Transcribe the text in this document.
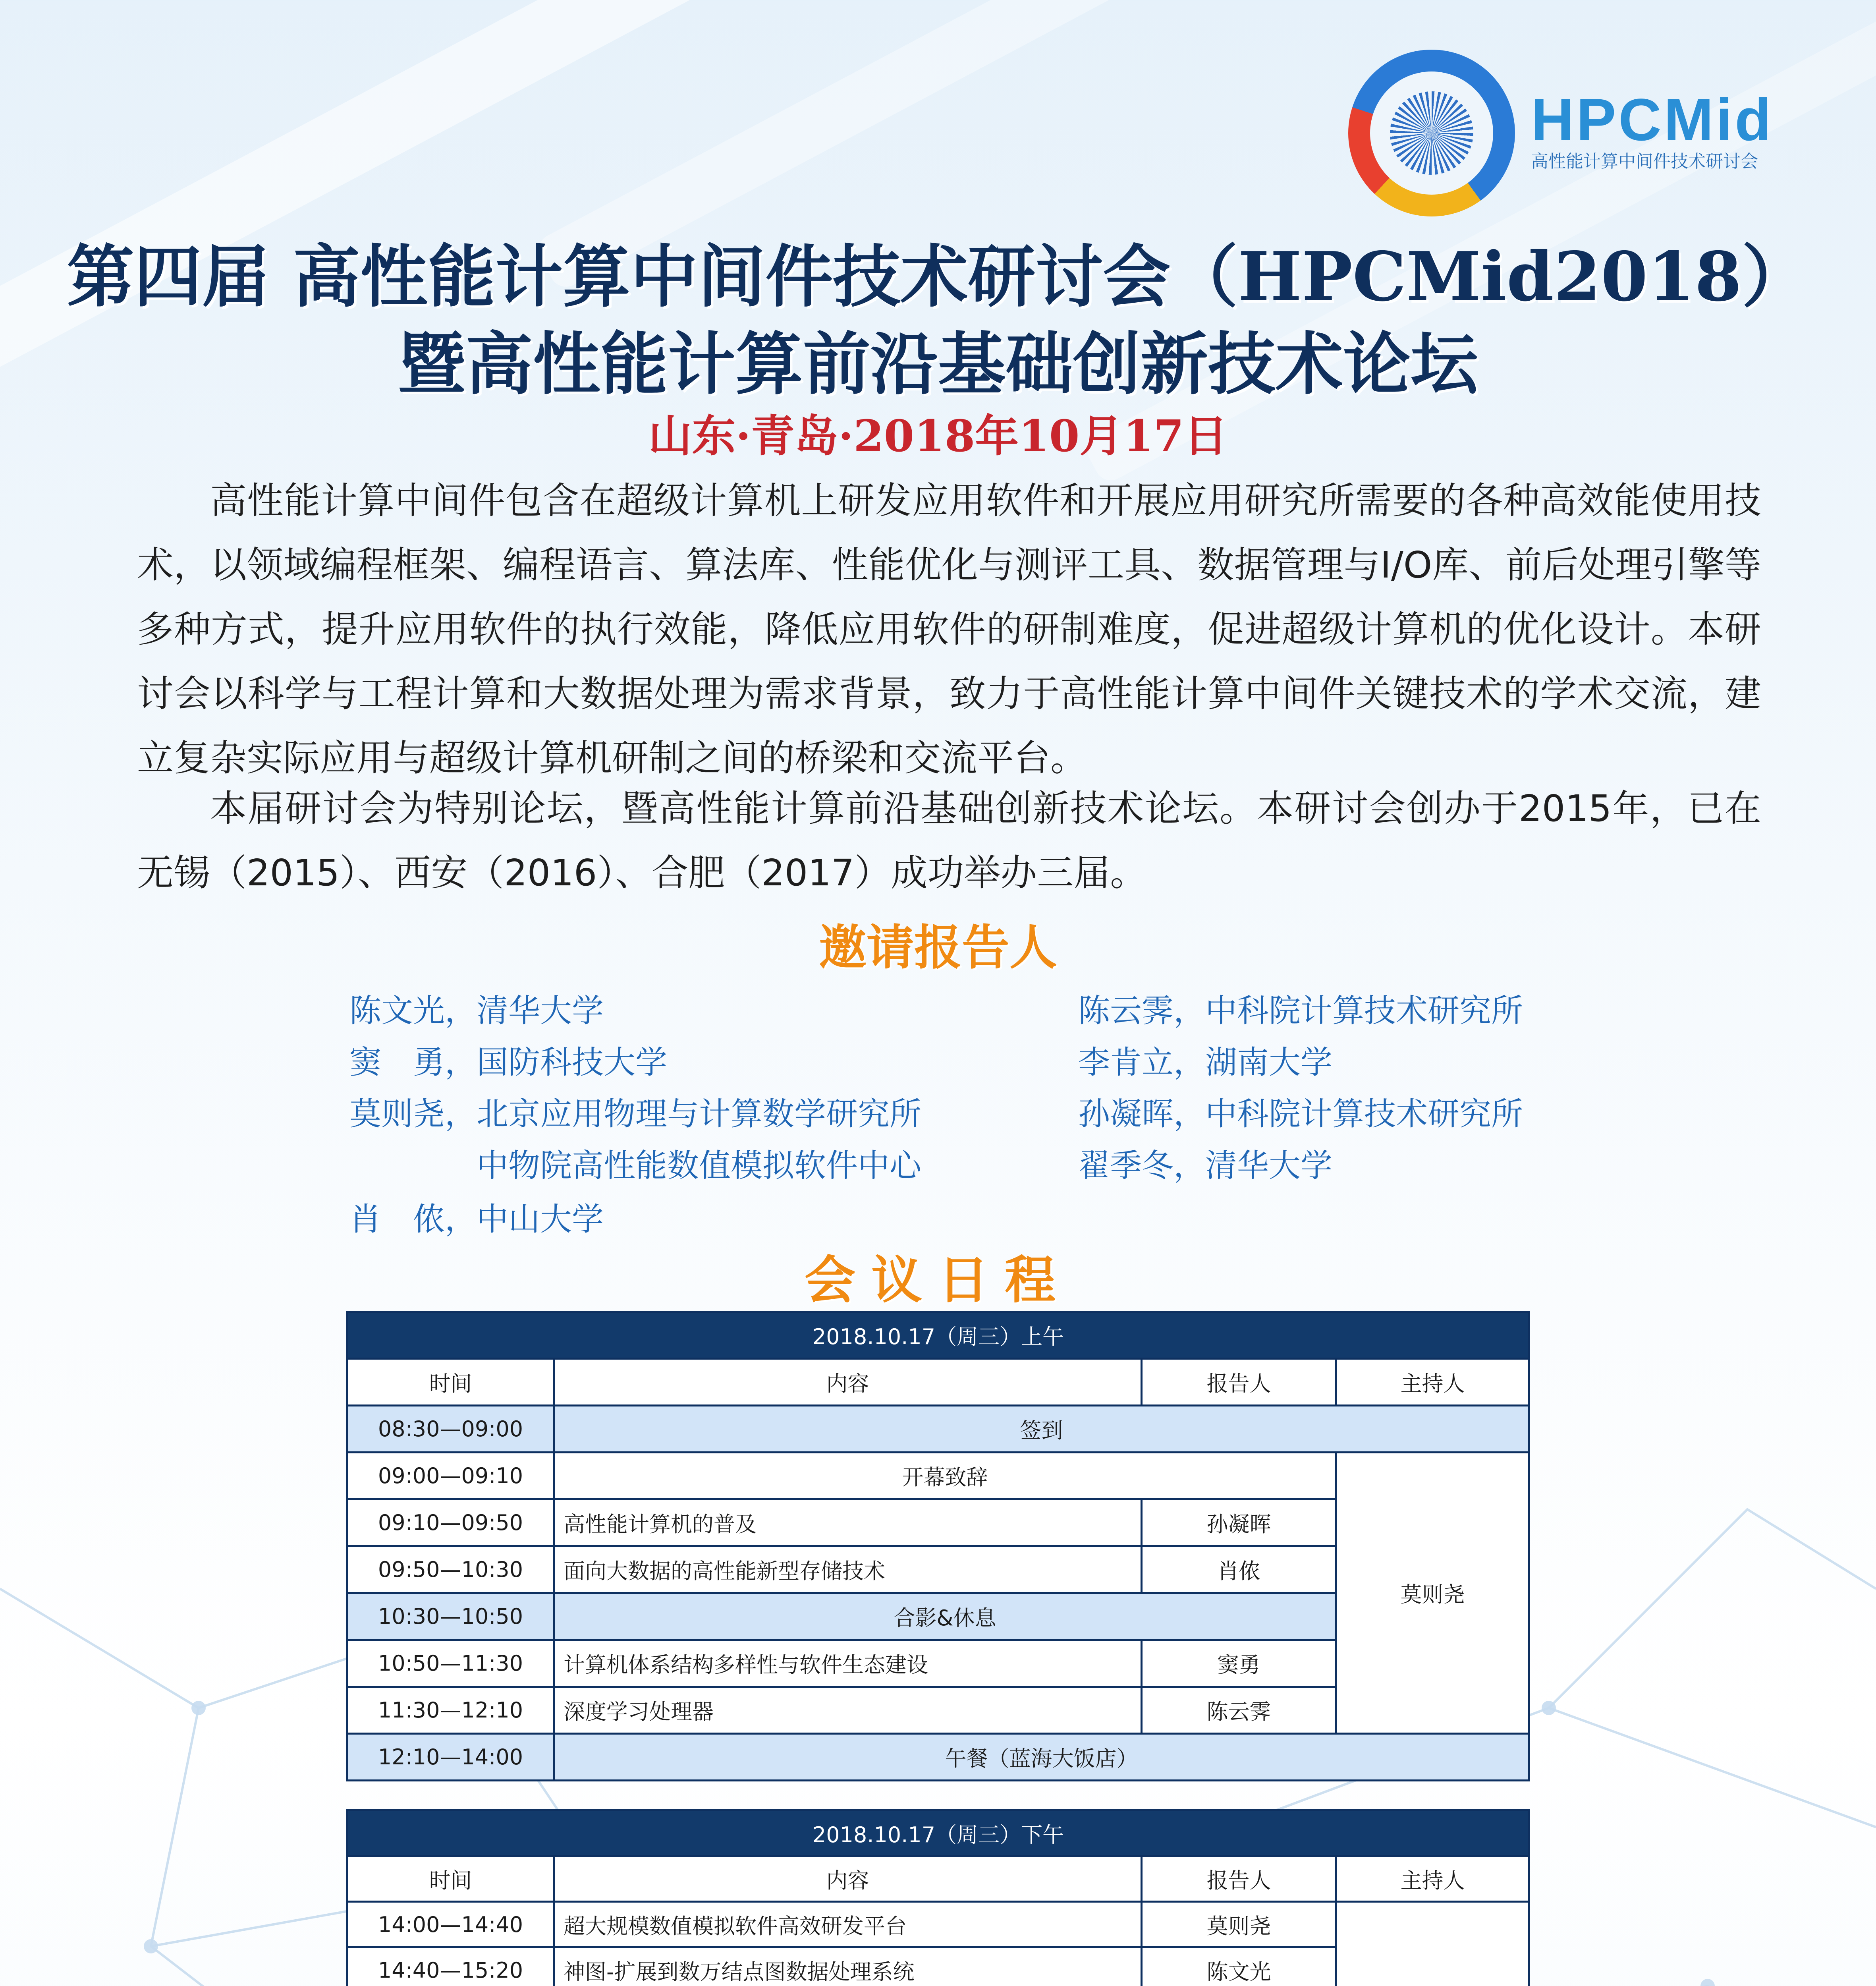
HPCMid
高性能计算中间件技术研讨会
第四届 高性能计算中间件技术研讨会（HPCMid2018）
暨高性能计算前沿基础创新技术论坛
山东·青岛·2018年10月17日
高性能计算中间件包含在超级计算机上研发应用软件和开展应用研究所需要的各种高效能使用技术，以领域编程框架、编程语言、算法库、性能优化与测评工具、数据管理与I/O库、前后处理引擎等多种方式，提升应用软件的执行效能，降低应用软件的研制难度，促进超级计算机的优化设计。本研讨会以科学与工程计算和大数据处理为需求背景，致力于高性能计算中间件关键技术的学术交流，建立复杂实际应用与超级计算机研制之间的桥梁和交流平台。
本届研讨会为特别论坛，暨高性能计算前沿基础创新技术论坛。本研讨会创办于2015年，已在无锡（2015）、西安（2016）、合肥（2017）成功举办三届。
邀请报告人
陈文光，清华大学
窦　勇，国防科技大学
莫则尧，北京应用物理与计算数学研究所
中物院高性能数值模拟软件中心
肖　侬，中山大学
陈云霁，中科院计算技术研究所
李肯立，湖南大学
孙凝晖，中科院计算技术研究所
翟季冬，清华大学
会议日程
2018.10.17（周三）上午			
时间	内容	报告人	主持人
08:30—09:00	签到		
09:00—09:10	开幕致辞		莫则尧
09:10—09:50	高性能计算机的普及	孙凝晖	
09:50—10:30	面向大数据的高性能新型存储技术	肖侬	
10:30—10:50	合影&休息		
10:50—11:30	计算机体系结构多样性与软件生态建设	窦勇	
11:30—12:10	深度学习处理器	陈云霁	
12:10—14:00	午餐（蓝海大饭店）		
2018.10.17（周三）下午			
时间	内容	报告人	主持人
14:00—14:40	超大规模数值模拟软件高效研发平台	莫则尧	
14:40—15:20	神图-扩展到数万结点图数据处理系统	陈文光	
